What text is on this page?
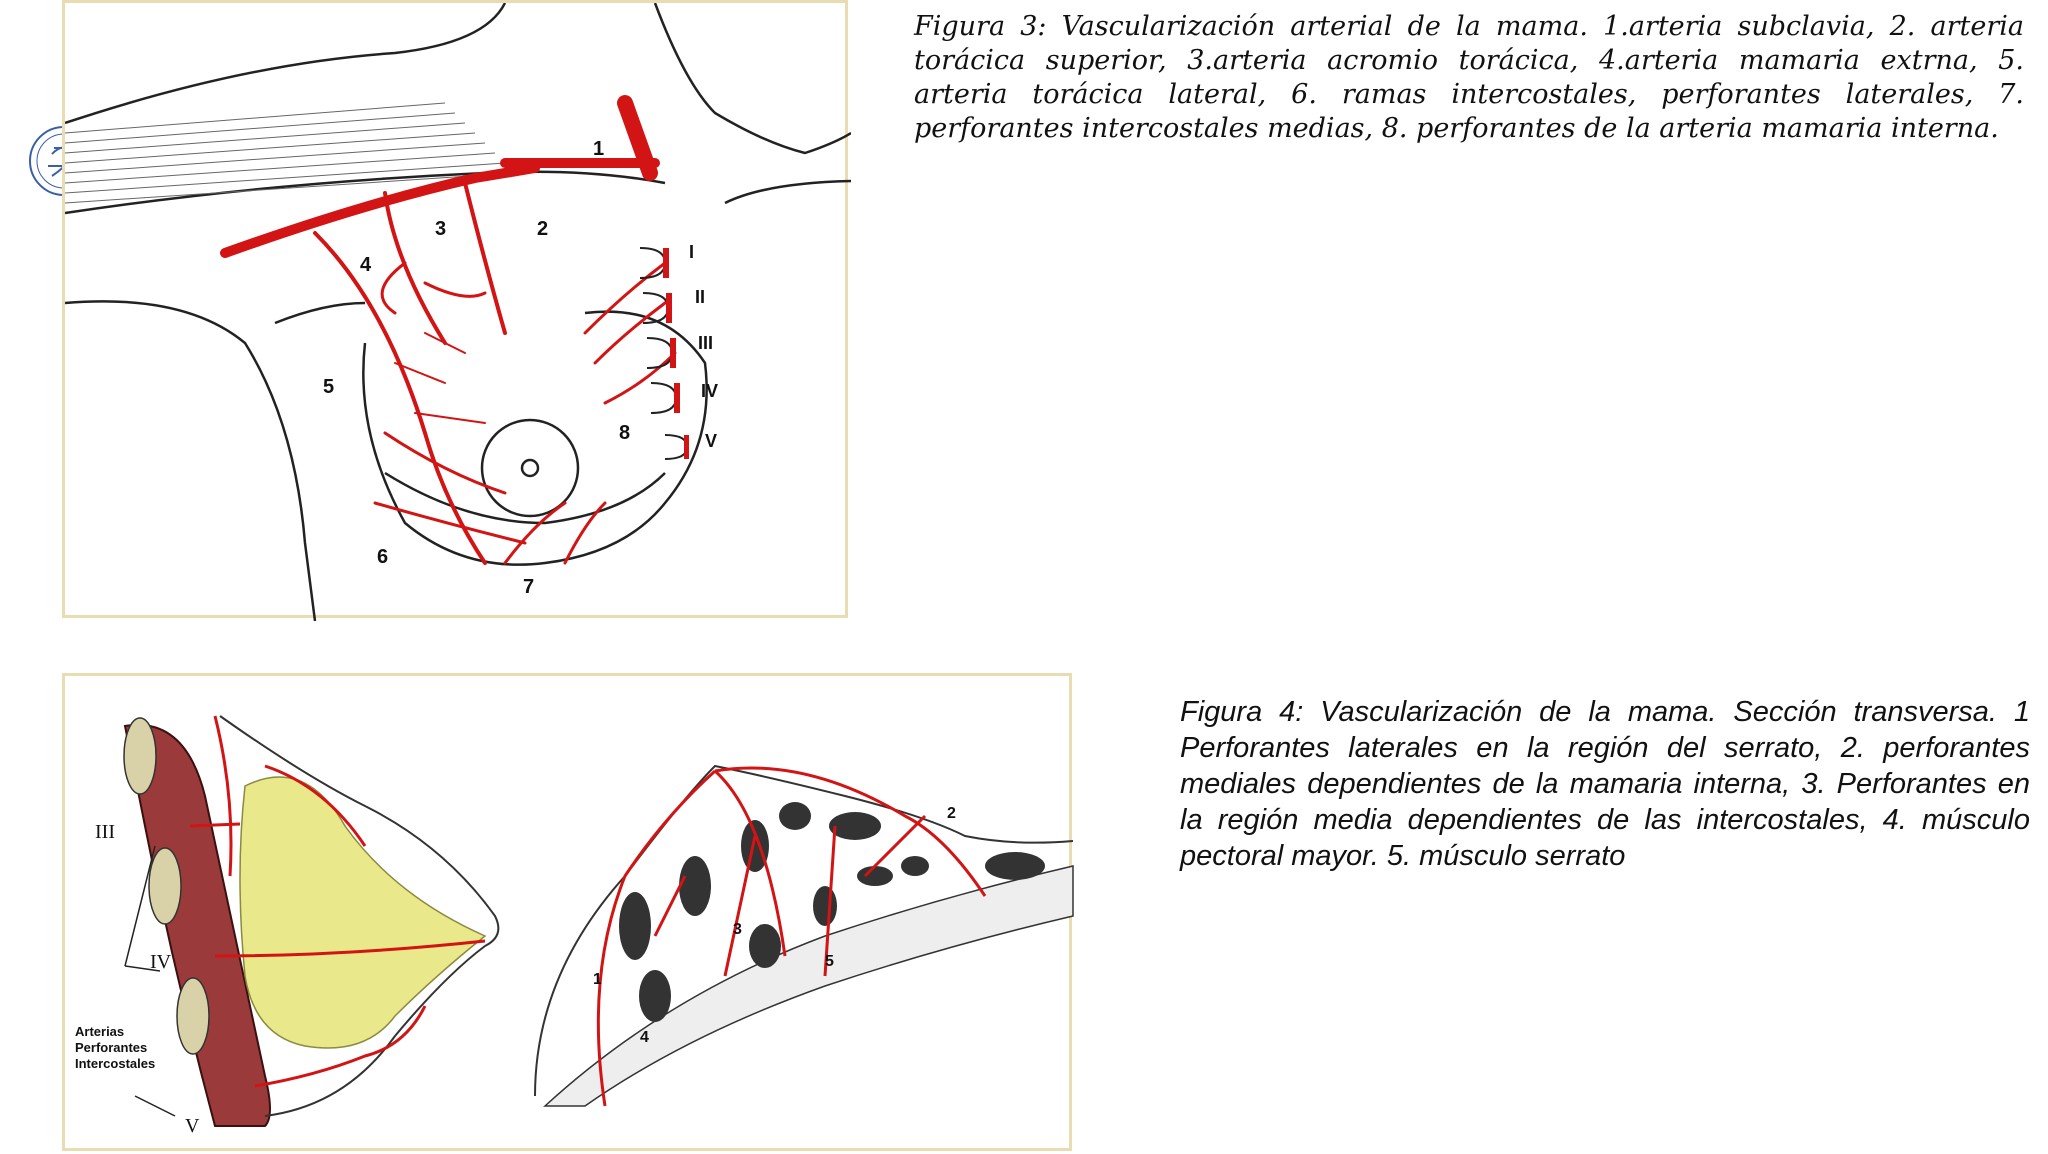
1
2
3
4
5
6
7
8
I
II
III
IV
V
Figura 3: Vascularización arterial de la mama. 1.arteria subclavia, 2. arteria torácica superior, 3.arteria acromio torácica, 4.arteria mamaria extrna, 5. arteria torácica lateral, 6. ramas intercostales, perforantes laterales, 7. perforantes intercostales medias, 8. perforantes de la arteria mamaria interna.
III
IV
V
Arterias
Perforantes
Intercostales
1
2
3
4
5
Figura 4: Vascularización de la mama. Sección transversa. 1 Perforantes laterales en la región del serrato, 2. perforantes mediales dependientes de la mamaria interna, 3. Perforantes en la región media dependientes de las intercostales, 4. músculo pectoral mayor. 5. músculo serrato
